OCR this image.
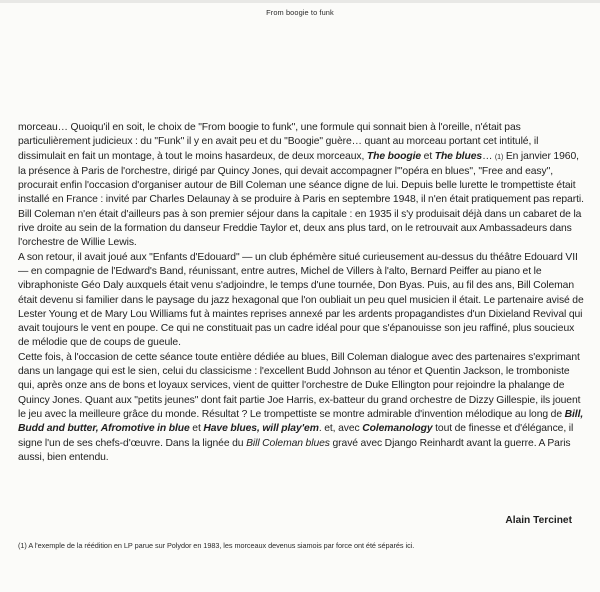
From boogie to funk

morceau… Quoiqu'il en soit, le choix de "From boogie to funk", une formule qui sonnait bien à l'oreille, n'était pas particulièrement judicieux : du "Funk" il y en avait peu et du "Boogie" guère… quant au morceau portant cet intitulé, il dissimulait en fait un montage, à tout le moins hasardeux, de deux morceaux, The boogie et The blues… (1) En janvier 1960, la présence à Paris de l'orchestre, dirigé par Quincy Jones, qui devait accompagner l'"opéra en blues", "Free and easy", procurait enfin l'occasion d'organiser autour de Bill Coleman une séance digne de lui. Depuis belle lurette le trompettiste était installé en France : invité par Charles Delaunay à se produire à Paris en septembre 1948, il n'en était pratiquement pas reparti. Bill Coleman n'en était d'ailleurs pas à son premier séjour dans la capitale : en 1935 il s'y produisait déjà dans un cabaret de la rive droite au sein de la formation du danseur Freddie Taylor et, deux ans plus tard, on le retrouvait aux Ambassadeurs dans l'orchestre de Willie Lewis.

A son retour, il avait joué aux "Enfants d'Edouard" — un club éphémère situé curieusement au-dessus du théâtre Edouard VII — en compagnie de l'Edward's Band, réunissant, entre autres, Michel de Villers à l'alto, Bernard Peiffer au piano et le vibraphoniste Géo Daly auxquels était venu s'adjoindre, le temps d'une tournée, Don Byas. Puis, au fil des ans, Bill Coleman était devenu si familier dans le paysage du jazz hexagonal que l'on oubliait un peu quel musicien il était. Le partenaire avisé de Lester Young et de Mary Lou Williams fut à maintes reprises annexé par les ardents propagandistes d'un Dixieland Revival qui avait toujours le vent en poupe. Ce qui ne constituait pas un cadre idéal pour que s'épanouisse son jeu raffiné, plus soucieux de mélodie que de coups de gueule.

Cette fois, à l'occasion de cette séance toute entière dédiée au blues, Bill Coleman dialogue avec des partenaires s'exprimant dans un langage qui est le sien, celui du classicisme : l'excellent Budd Johnson au ténor et Quentin Jackson, le tromboniste qui, après onze ans de bons et loyaux services, vient de quitter l'orchestre de Duke Ellington pour rejoindre la phalange de Quincy Jones. Quant aux "petits jeunes" dont fait partie Joe Harris, ex-batteur du grand orchestre de Dizzy Gillespie, ils jouent le jeu avec la meilleure grâce du monde. Résultat ? Le trompettiste se montre admirable d'invention mélodique au long de Bill, Budd and butter, Afromotive in blue et Have blues, will play'em. et, avec Colemanology tout de finesse et d'élégance, il signe l'un de ses chefs-d'œuvre. Dans la lignée du Bill Coleman blues gravé avec Django Reinhardt avant la guerre. A Paris aussi, bien entendu.

Alain Tercinet
(1) A l'exemple de la réédition en LP parue sur Polydor en 1983, les morceaux devenus siamois par force ont été séparés ici.
